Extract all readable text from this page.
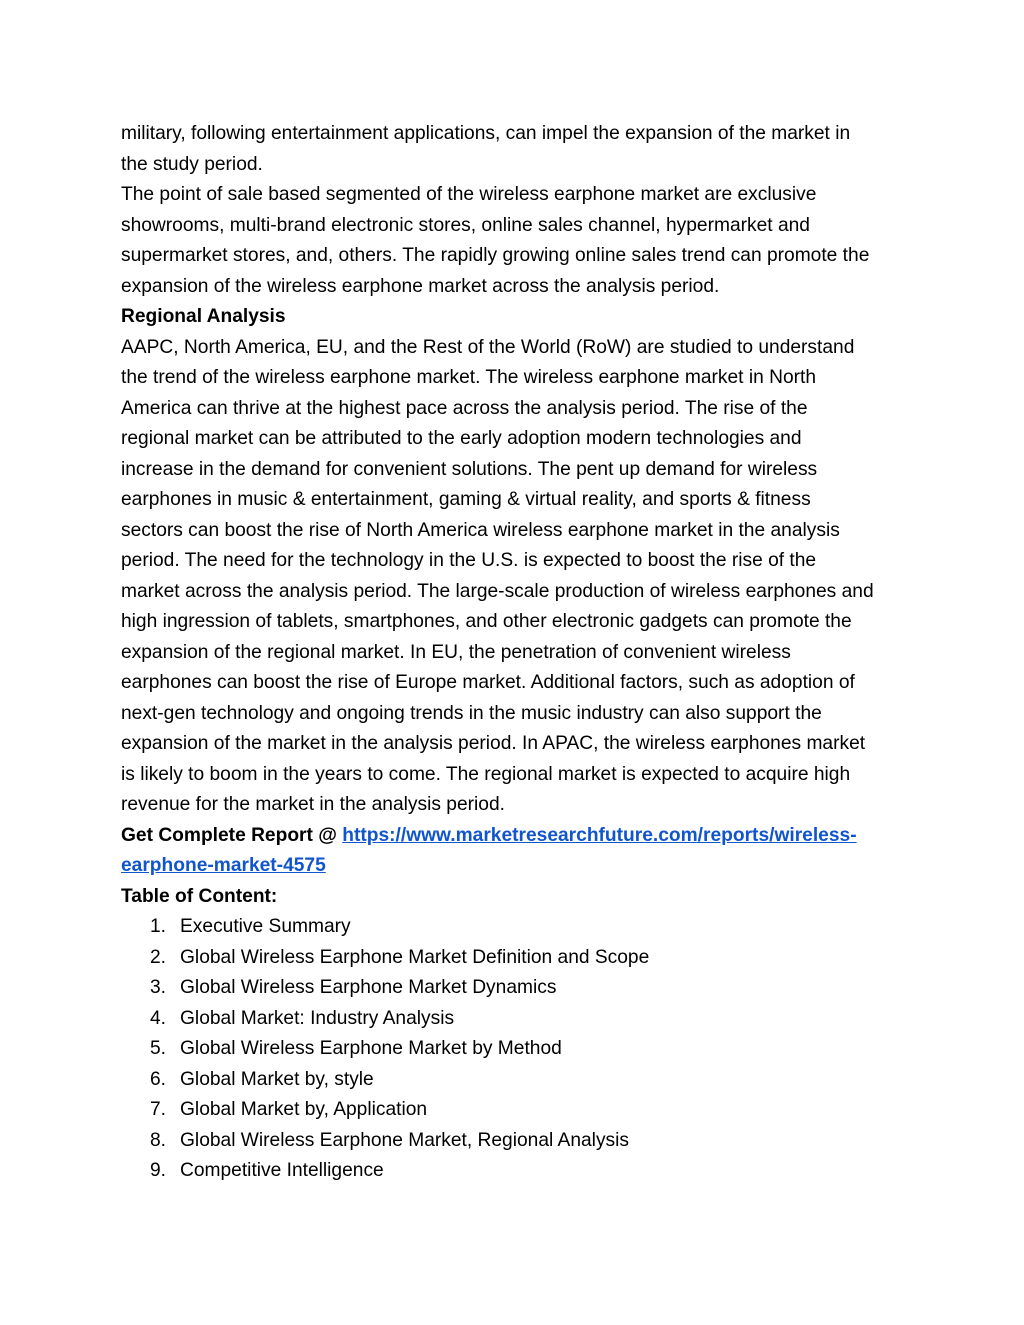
military, following entertainment applications, can impel the expansion of the market in
the study period.
The point of sale based segmented of the wireless earphone market are exclusive
showrooms, multi-brand electronic stores, online sales channel, hypermarket and
supermarket stores, and, others. The rapidly growing online sales trend can promote the
expansion of the wireless earphone market across the analysis period.
Regional Analysis
AAPC, North America, EU, and the Rest of the World (RoW) are studied to understand
the trend of the wireless earphone market. The wireless earphone market in North
America can thrive at the highest pace across the analysis period. The rise of the
regional market can be attributed to the early adoption modern technologies and
increase in the demand for convenient solutions. The pent up demand for wireless
earphones in music & entertainment, gaming & virtual reality, and sports & fitness
sectors can boost the rise of North America wireless earphone market in the analysis
period. The need for the technology in the U.S. is expected to boost the rise of the
market across the analysis period. The large-scale production of wireless earphones and
high ingression of tablets, smartphones, and other electronic gadgets can promote the
expansion of the regional market. In EU, the penetration of convenient wireless
earphones can boost the rise of Europe market. Additional factors, such as adoption of
next-gen technology and ongoing trends in the music industry can also support the
expansion of the market in the analysis period. In APAC, the wireless earphones market
is likely to boom in the years to come. The regional market is expected to acquire high
revenue for the market in the analysis period.
Get Complete Report @ https://www.marketresearchfuture.com/reports/wireless-
earphone-market-4575
Table of Content:
1. Executive Summary
2. Global Wireless Earphone Market Definition and Scope
3. Global Wireless Earphone Market Dynamics
4. Global Market: Industry Analysis
5. Global Wireless Earphone Market by Method
6. Global Market by, style
7. Global Market by, Application
8. Global Wireless Earphone Market, Regional Analysis
9. Competitive Intelligence
